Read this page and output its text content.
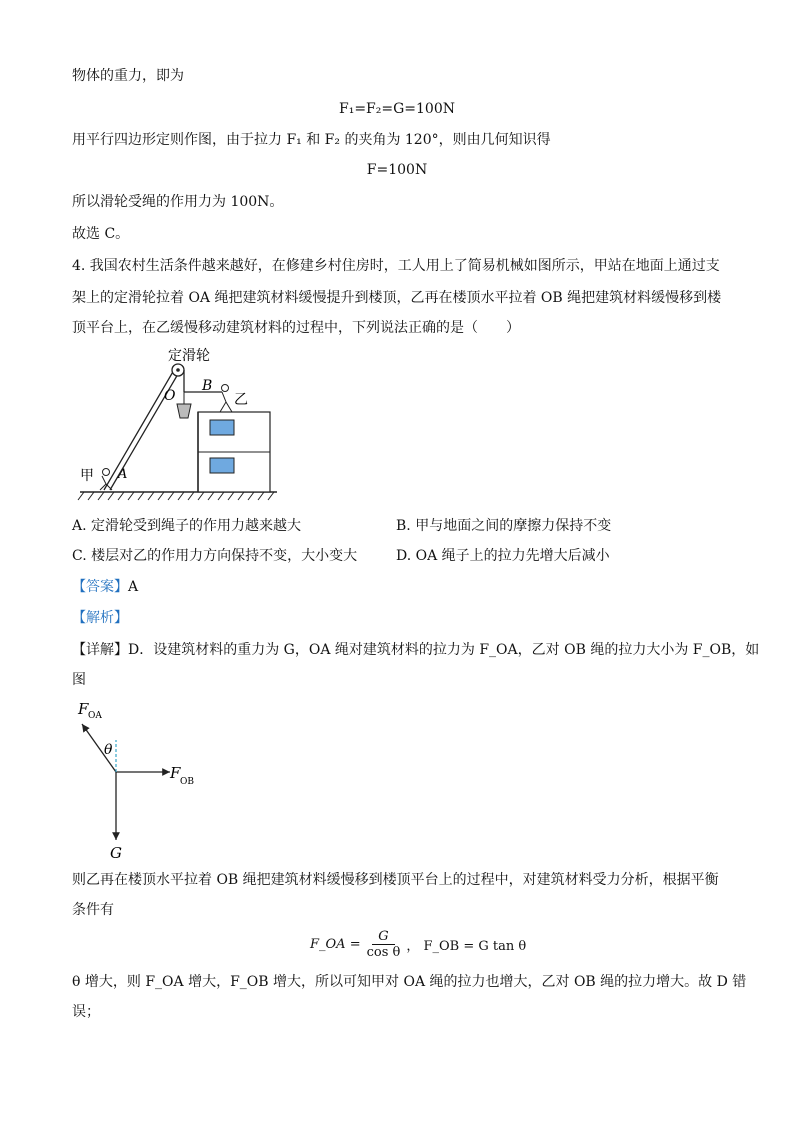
物体的重力，即为
F₁=F₂=G=100N
用平行四边形定则作图，由于拉力 F₁ 和 F₂ 的夹角为 120°，则由几何知识得
F=100N
所以滑轮受绳的作用力为 100N。
故选 C。
4. 我国农村生活条件越来越好，在修建乡村住房时，工人用上了简易机械如图所示，甲站在地面上通过支
架上的定滑轮拉着 OA 绳把建筑材料缓慢提升到楼顶，乙再在楼顶水平拉着 OB 绳把建筑材料缓慢移到楼
顶平台上，在乙缓慢移动建筑材料的过程中，下列说法正确的是（　　）
定滑轮
O
B
乙
甲 A
A. 定滑轮受到绳子的作用力越来越大	B. 甲与地面之间的摩擦力保持不变
C. 楼层对乙的作用力方向保持不变，大小变大	D. OA 绳子上的拉力先增大后减小
【答案】A
【解析】
【详解】D．设建筑材料的重力为 G，OA 绳对建筑材料的拉力为 F_OA，乙对 OB 绳的拉力大小为 F_OB，如
图
F OA
θ
F OB
G
则乙再在楼顶水平拉着 OB 绳把建筑材料缓慢移到楼顶平台上的过程中，对建筑材料受力分析，根据平衡
条件有
F_OA = $\frac{G}{\text{cos θ}}$ ， F_OB = G tan θ
θ 增大，则 F_OA 增大，F_OB 增大，所以可知甲对 OA 绳的拉力也增大，乙对 OB 绳的拉力增大。故 D 错
误；
